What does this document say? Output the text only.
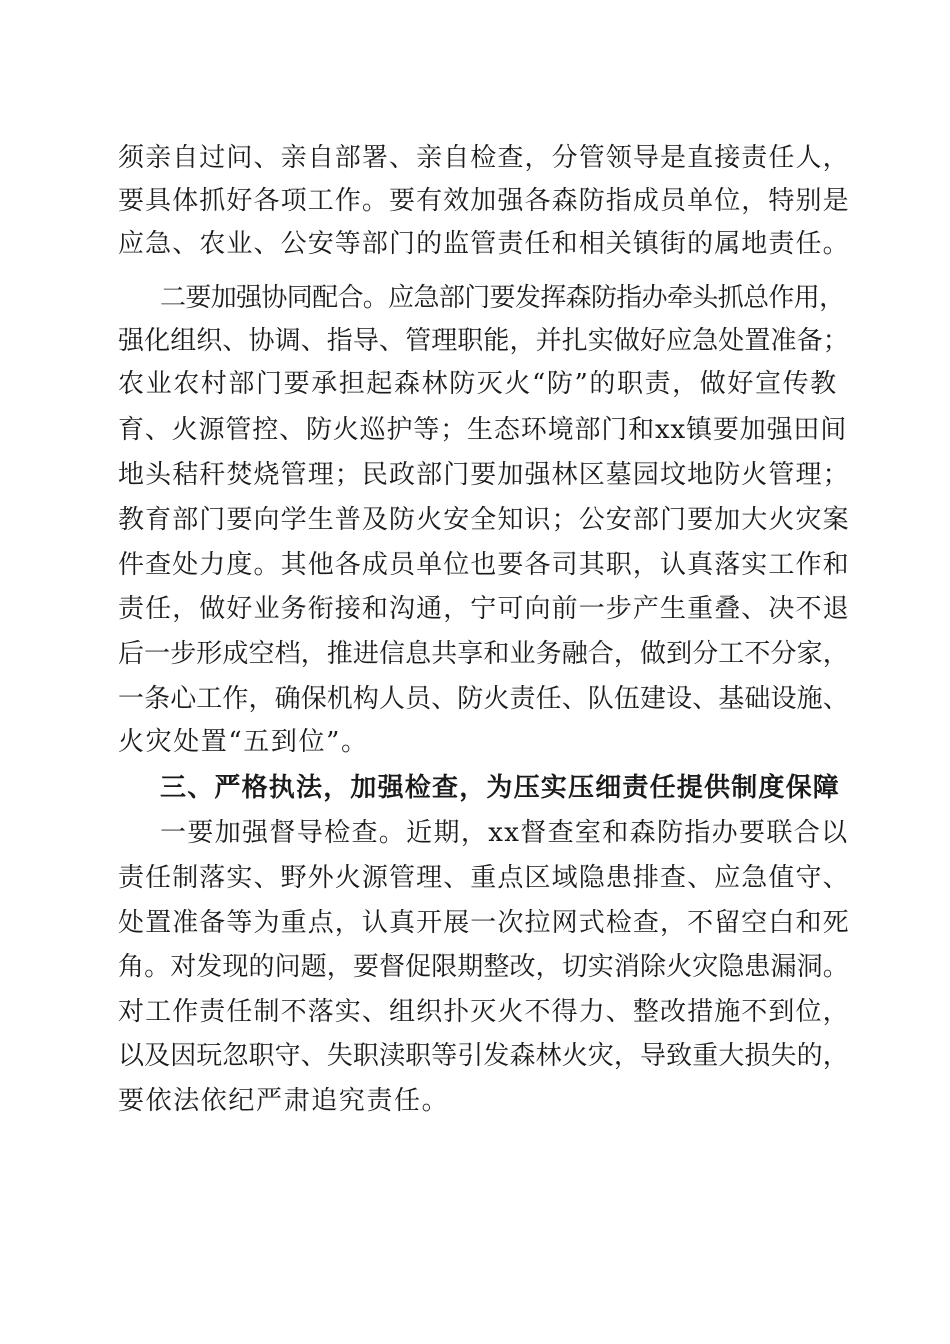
须亲自过问、亲自部署、亲自检查，分管领导是直接责任人，
要具体抓好各项工作。要有效加强各森防指成员单位，特别是
应急、农业、公安等部门的监管责任和相关镇街的属地责任。
二要加强协同配合。应急部门要发挥森防指办牵头抓总作用，
强化组织、协调、指导、管理职能，并扎实做好应急处置准备；
农业农村部门要承担起森林防灭火“防”的职责，做好宣传教
育、火源管控、防火巡护等；生态环境部门和xx镇要加强田间
地头秸秆焚烧管理；民政部门要加强林区墓园坟地防火管理；
教育部门要向学生普及防火安全知识；公安部门要加大火灾案
件查处力度。其他各成员单位也要各司其职，认真落实工作和
责任，做好业务衔接和沟通，宁可向前一步产生重叠、决不退
后一步形成空档，推进信息共享和业务融合，做到分工不分家，
一条心工作，确保机构人员、防火责任、队伍建设、基础设施、
火灾处置“五到位”。
三、严格执法，加强检查，为压实压细责任提供制度保障
一要加强督导检查。近期，xx督查室和森防指办要联合以
责任制落实、野外火源管理、重点区域隐患排查、应急值守、
处置准备等为重点，认真开展一次拉网式检查，不留空白和死
角。对发现的问题，要督促限期整改，切实消除火灾隐患漏洞。
对工作责任制不落实、组织扑灭火不得力、整改措施不到位，
以及因玩忽职守、失职渎职等引发森林火灾，导致重大损失的，
要依法依纪严肃追究责任。
